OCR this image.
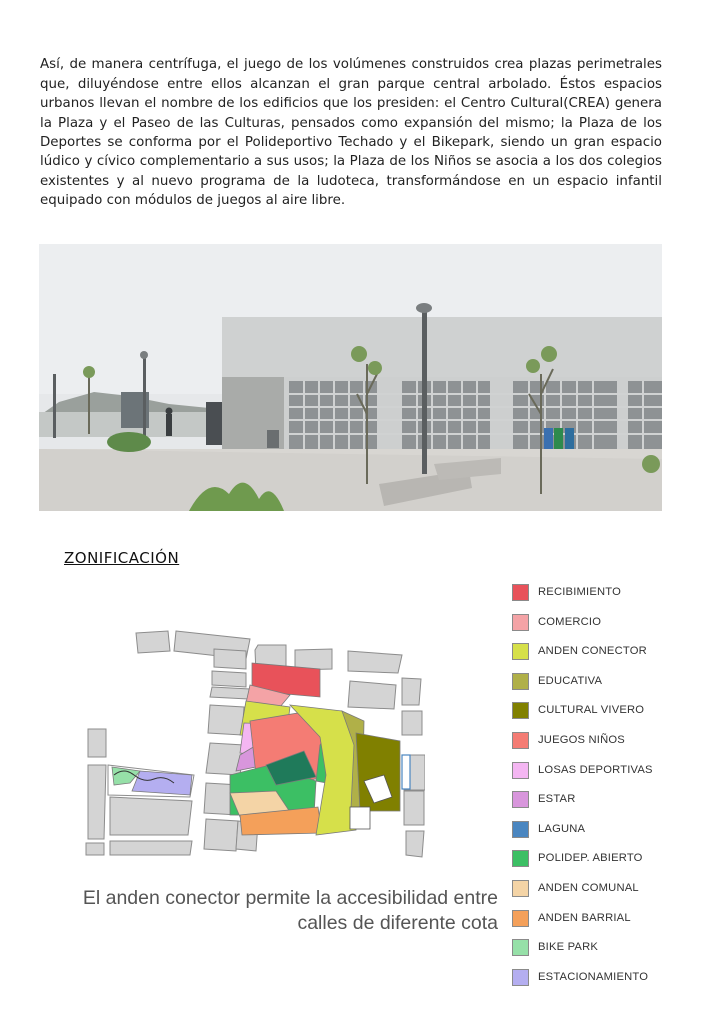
Así, de manera centrífuga, el juego de los volúmenes construidos crea plazas perimetrales que, diluyéndose entre ellos alcanzan el gran parque central arbolado. Éstos espacios urbanos llevan el nombre de los edificios que los presiden: el Centro Cultural(CREA) genera la Plaza y el Paseo de las Culturas, pensados como expansión del mismo; la Plaza de los Deportes se conforma por el Polideportivo Techado y el Bikepark, siendo un gran espacio lúdico y cívico complementario a sus usos; la Plaza de los Niños se asocia a los dos colegios existentes y al nuevo programa de la ludoteca, transformándose en un espacio infantil equipado con módulos de juegos al aire libre.

ZONIFICACIÓN
El anden conector permite la accesibilidad entre
calles de diferente cota
RECIBIMIENTO
COMERCIO
ANDEN CONECTOR
EDUCATIVA
CULTURAL VIVERO
JUEGOS NIÑOS
LOSAS DEPORTIVAS
ESTAR
LAGUNA
POLIDEP. ABIERTO
ANDEN COMUNAL
ANDEN BARRIAL
BIKE PARK
ESTACIONAMIENTO
